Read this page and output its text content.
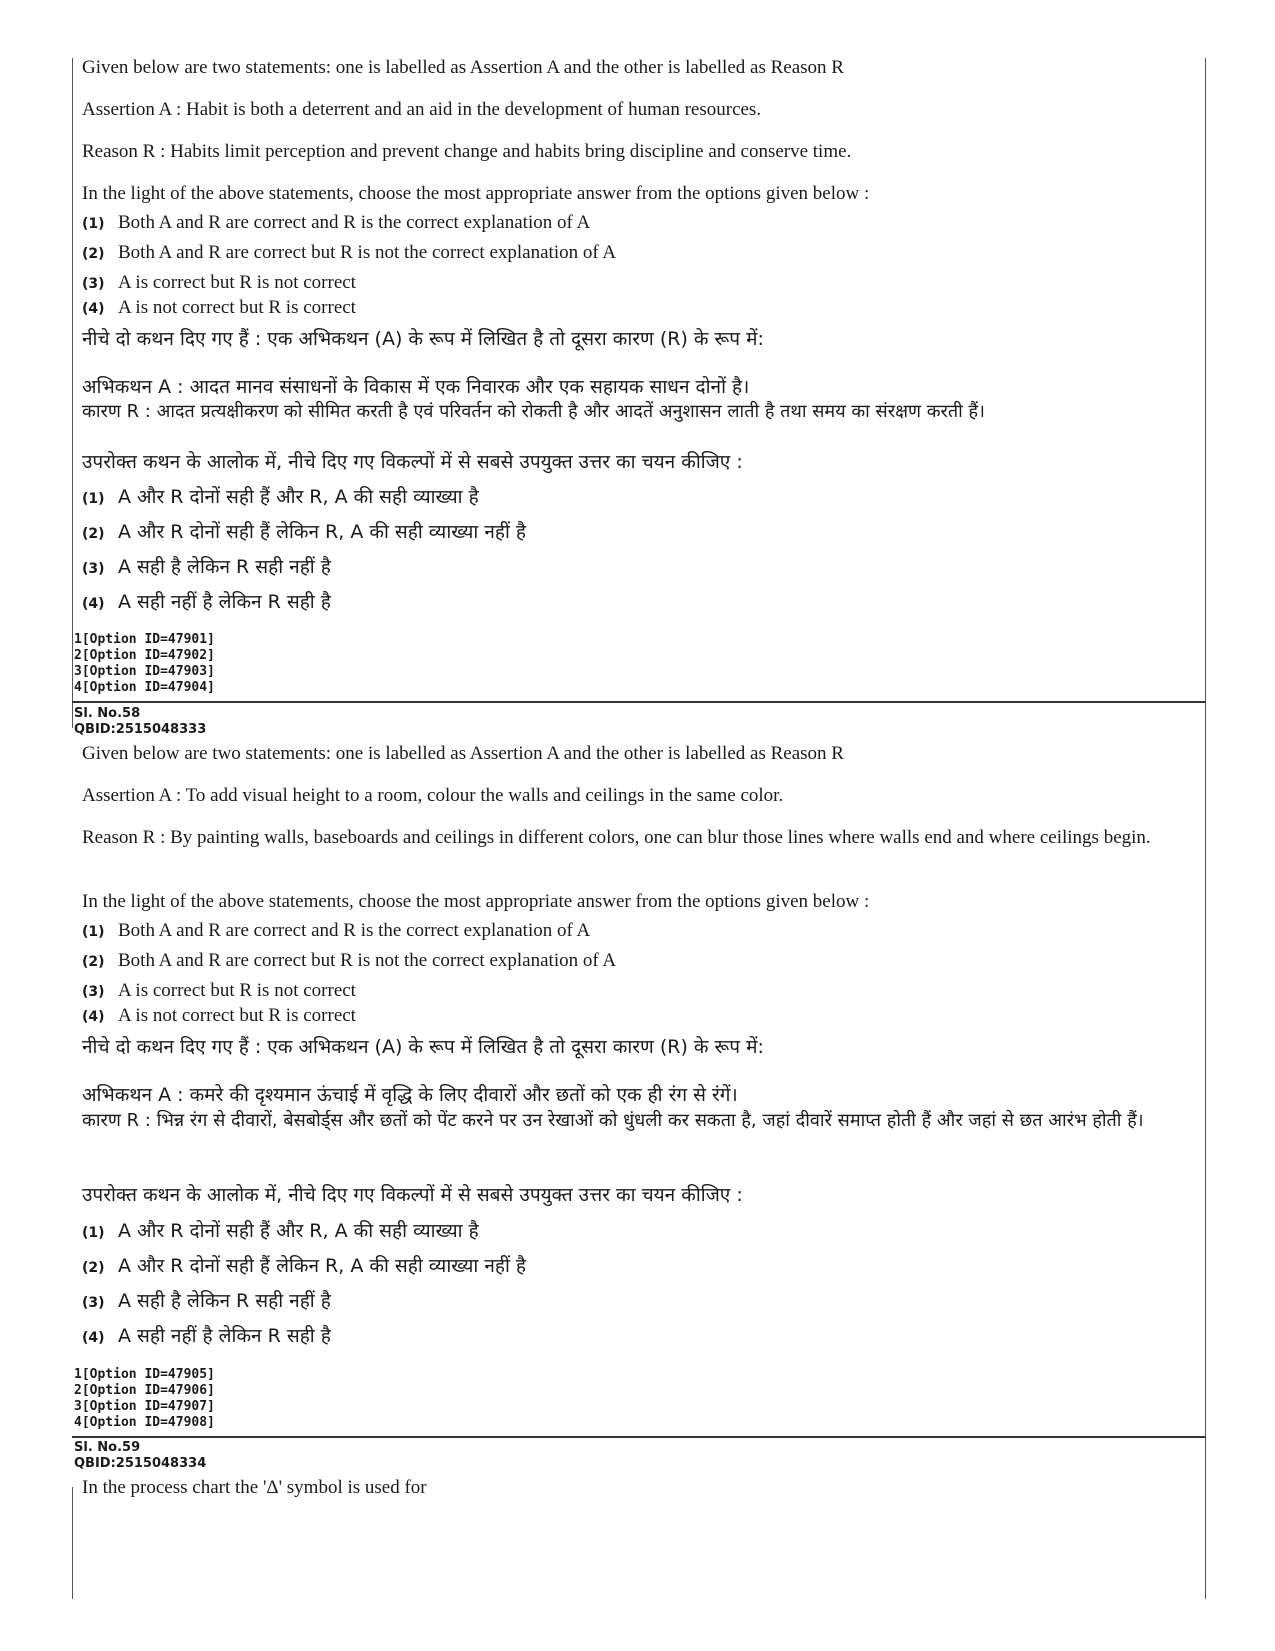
Given below are two statements: one is labelled as Assertion A and the other is labelled as Reason R
Assertion A : Habit is both a deterrent and an aid in the development of human resources.
Reason R : Habits limit perception and prevent change and habits bring discipline and conserve time.
In the light of the above statements, choose the most appropriate answer from the options given below :
(1) Both A and R are correct and R is the correct explanation of A
(2) Both A and R are correct but R is not the correct explanation of A
(3) A is correct but R is not correct
(4) A is not correct but R is correct
नीचे दो कथन दिए गए हैं : एक अभिकथन (A) के रूप में लिखित है तो दूसरा कारण (R) के रूप में:
अभिकथन A : आदत मानव संसाधनों के विकास में एक निवारक और एक सहायक साधन दोनों है।
कारण R : आदत प्रत्यक्षीकरण को सीमित करती है एवं परिवर्तन को रोकती है और आदतें अनुशासन लाती है तथा समय का संरक्षण करती हैं।
उपरोक्त कथन के आलोक में, नीचे दिए गए विकल्पों में से सबसे उपयुक्त उत्तर का चयन कीजिए :
(1) A और R दोनों सही हैं और R, A की सही व्याख्या है
(2) A और R दोनों सही हैं लेकिन R, A की सही व्याख्या नहीं है
(3) A सही है लेकिन R सही नहीं है
(4) A सही नहीं है लेकिन R सही है
1[Option ID=47901]
2[Option ID=47902]
3[Option ID=47903]
4[Option ID=47904]
Sl. No.58
QBID:2515048333
Given below are two statements: one is labelled as Assertion A and the other is labelled as Reason R
Assertion A : To add visual height to a room, colour the walls and ceilings in the same color.
Reason R : By painting walls, baseboards and ceilings in different colors, one can blur those lines where walls end and where ceilings begin.
In the light of the above statements, choose the most appropriate answer from the options given below :
(1) Both A and R are correct and R is the correct explanation of A
(2) Both A and R are correct but R is not the correct explanation of A
(3) A is correct but R is not correct
(4) A is not correct but R is correct
नीचे दो कथन दिए गए हैं : एक अभिकथन (A) के रूप में लिखित है तो दूसरा कारण (R) के रूप में:
अभिकथन A : कमरे की दृश्यमान ऊंचाई में वृद्धि के लिए दीवारों और छतों को एक ही रंग से रंगें।
कारण R : भिन्न रंग से दीवारों, बेसबोर्ड्स और छतों को पेंट करने पर उन रेखाओं को धुंधली कर सकता है, जहां दीवारें समाप्त होती हैं और जहां से छत आरंभ होती हैं।
उपरोक्त कथन के आलोक में, नीचे दिए गए विकल्पों में से सबसे उपयुक्त उत्तर का चयन कीजिए :
(1) A और R दोनों सही हैं और R, A की सही व्याख्या है
(2) A और R दोनों सही हैं लेकिन R, A की सही व्याख्या नहीं है
(3) A सही है लेकिन R सही नहीं है
(4) A सही नहीं है लेकिन R सही है
1[Option ID=47905]
2[Option ID=47906]
3[Option ID=47907]
4[Option ID=47908]
Sl. No.59
QBID:2515048334
In the process chart the 'Δ' symbol is used for
